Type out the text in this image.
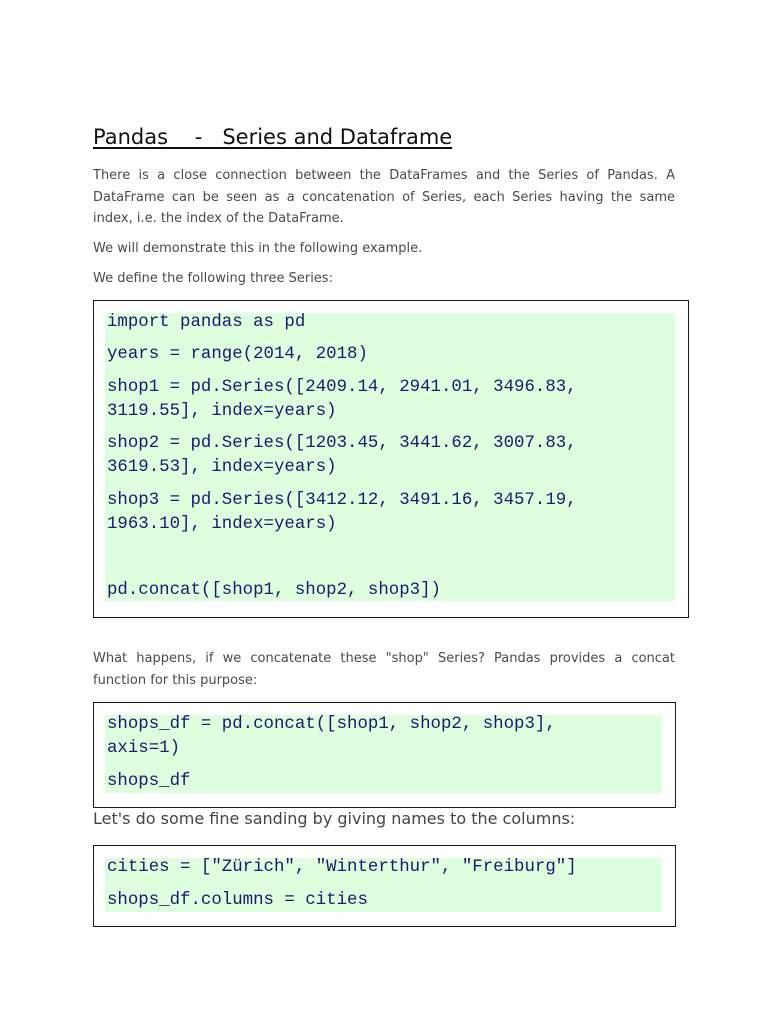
Pandas    -   Series and Dataframe

There is a close connection between the DataFrames and the Series of Pandas. A DataFrame can be seen as a concatenation of Series, each Series having the same index, i.e. the index of the DataFrame.

We will demonstrate this in the following example.

We define the following three Series:

import pandas as pd
years = range(2014, 2018)
shop1 = pd.Series([2409.14, 2941.01, 3496.83,
3119.55], index=years)
shop2 = pd.Series([1203.45, 3441.62, 3007.83,
3619.53], index=years)
shop3 = pd.Series([3412.12, 3491.16, 3457.19,
1963.10], index=years)
pd.concat([shop1, shop2, shop3])

What happens, if we concatenate these "shop" Series? Pandas provides a concat function for this purpose:

shops_df = pd.concat([shop1, shop2, shop3],
axis=1)
shops_df

Let's do some fine sanding by giving names to the columns:

cities = ["Zürich", "Winterthur", "Freiburg"]
shops_df.columns = cities
